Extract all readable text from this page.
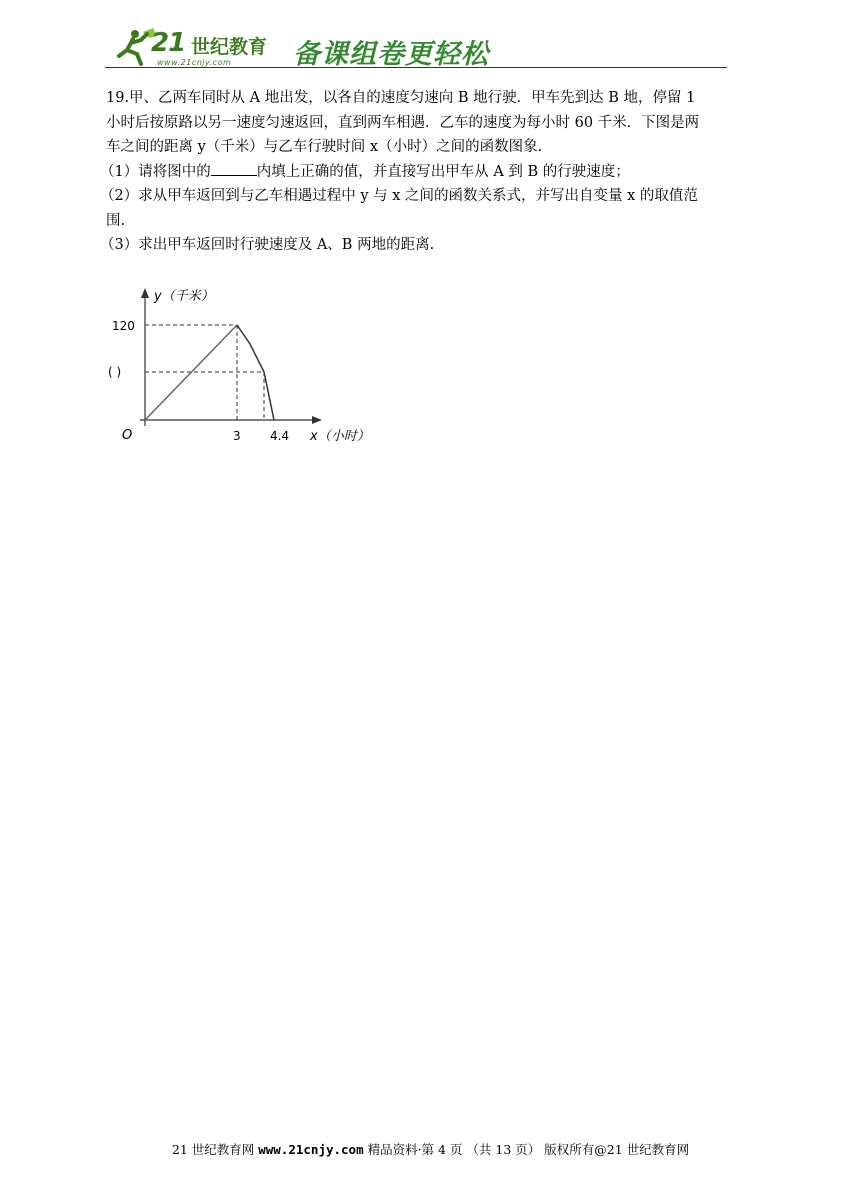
21 世纪教育
www.21cnjy.com 备课组卷更轻松

19.甲、乙两车同时从 A 地出发，以各自的速度匀速向 B 地行驶．甲车先到达 B 地，停留 1

小时后按原路以另一速度匀速返回，直到两车相遇．乙车的速度为每小时 60 千米．下图是两

车之间的距离 y（千米）与乙车行驶时间 x（小时）之间的函数图象.

（1）请将图中的	内填上正确的值，并直接写出甲车从 A 到 B 的行驶速度；

（2）求从甲车返回到与乙车相遇过程中 y 与 x 之间的函数关系式，并写出自变量 x 的取值范

围.

（3）求出甲车返回时行驶速度及 A、B 两地的距离.

y（千米）
x（小时）
O
120
( )
3 4.4
21 世纪教育网 www.21cnjy.com 精品资料·第 4 页 （共 13 页） 版权所有@21 世纪教育网
